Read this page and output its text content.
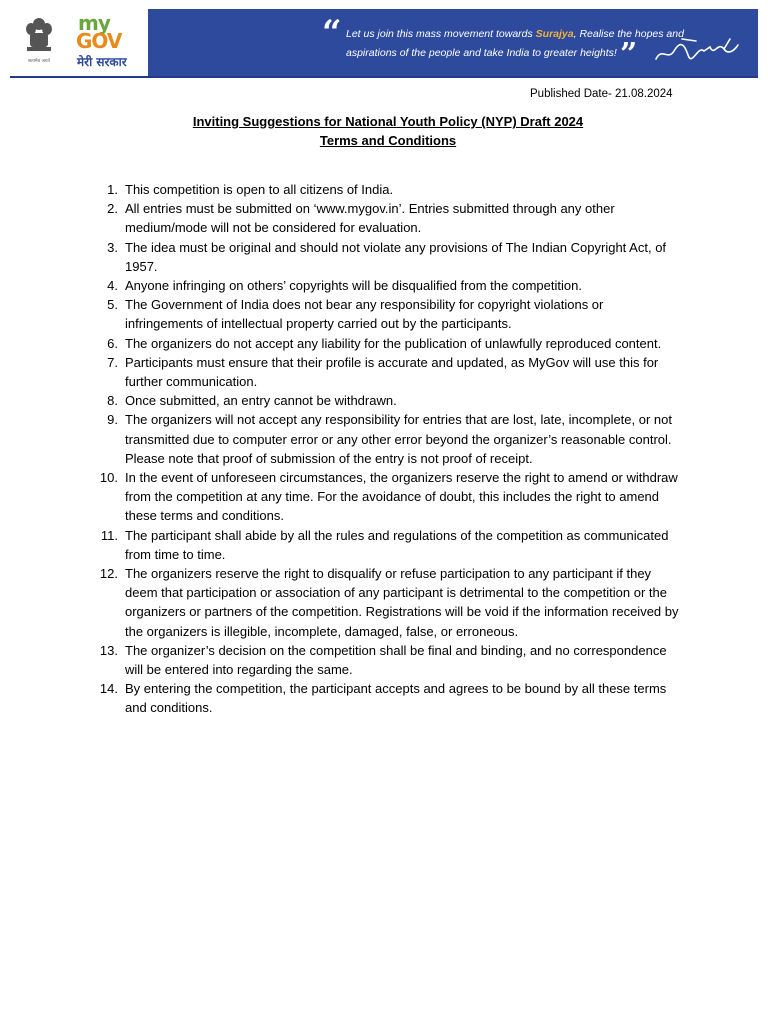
सत्यमेव जयते
my
GOV
मेरी सरकार
“ Let us join this mass movement towards Surajya, Realise the hopes and aspirations of the people and take India to greater heights! ”
Published Date- 21.08.2024
Inviting Suggestions for National Youth Policy (NYP) Draft 2024
Terms and Conditions
1. This competition is open to all citizens of India.
2. All entries must be submitted on ‘www.mygov.in’. Entries submitted through any other medium/mode will not be considered for evaluation.
3. The idea must be original and should not violate any provisions of The Indian Copyright Act, of 1957.
4. Anyone infringing on others’ copyrights will be disqualified from the competition.
5. The Government of India does not bear any responsibility for copyright violations or infringements of intellectual property carried out by the participants.
6. The organizers do not accept any liability for the publication of unlawfully reproduced content.
7. Participants must ensure that their profile is accurate and updated, as MyGov will use this for further communication.
8. Once submitted, an entry cannot be withdrawn.
9. The organizers will not accept any responsibility for entries that are lost, late, incomplete, or not transmitted due to computer error or any other error beyond the organizer’s reasonable control. Please note that proof of submission of the entry is not proof of receipt.
10. In the event of unforeseen circumstances, the organizers reserve the right to amend or withdraw from the competition at any time. For the avoidance of doubt, this includes the right to amend these terms and conditions.
11. The participant shall abide by all the rules and regulations of the competition as communicated from time to time.
12. The organizers reserve the right to disqualify or refuse participation to any participant if they deem that participation or association of any participant is detrimental to the competition or the organizers or partners of the competition. Registrations will be void if the information received by the organizers is illegible, incomplete, damaged, false, or erroneous.
13. The organizer’s decision on the competition shall be final and binding, and no correspondence will be entered into regarding the same.
14. By entering the competition, the participant accepts and agrees to be bound by all these terms and conditions.
